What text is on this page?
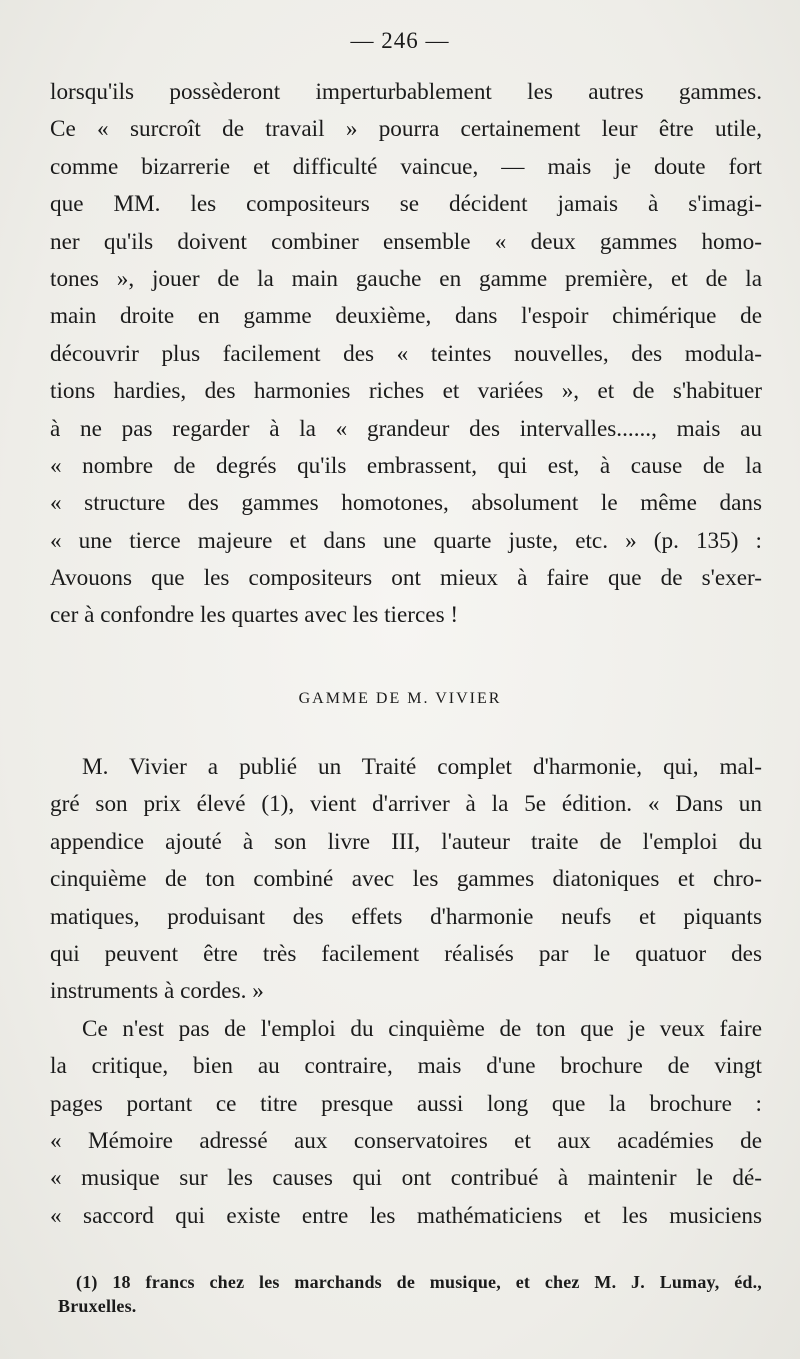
— 246 —
lorsqu'ils possèderont imperturbablement les autres gammes.
Ce « surcroît de travail » pourra certainement leur être utile,
comme bizarrerie et difficulté vaincue, — mais je doute fort
que MM. les compositeurs se décident jamais à s'imagi-
ner qu'ils doivent combiner ensemble « deux gammes homo-
tones », jouer de la main gauche en gamme première, et de la
main droite en gamme deuxième, dans l'espoir chimérique de
découvrir plus facilement des « teintes nouvelles, des modula-
tions hardies, des harmonies riches et variées », et de s'habituer
à ne pas regarder à la « grandeur des intervalles......, mais au
« nombre de degrés qu'ils embrassent, qui est, à cause de la
« structure des gammes homotones, absolument le même dans
« une tierce majeure et dans une quarte juste, etc. » (p. 135) :
Avouons que les compositeurs ont mieux à faire que de s'exer-
cer à confondre les quartes avec les tierces !
GAMME DE M. VIVIER
M. Vivier a publié un Traité complet d'harmonie, qui, mal-
gré son prix élevé (1), vient d'arriver à la 5e édition. « Dans un
appendice ajouté à son livre III, l'auteur traite de l'emploi du
cinquième de ton combiné avec les gammes diatoniques et chro-
matiques, produisant des effets d'harmonie neufs et piquants
qui peuvent être très facilement réalisés par le quatuor des
instruments à cordes. »
Ce n'est pas de l'emploi du cinquième de ton que je veux faire
la critique, bien au contraire, mais d'une brochure de vingt
pages portant ce titre presque aussi long que la brochure :
« Mémoire adressé aux conservatoires et aux académies de
« musique sur les causes qui ont contribué à maintenir le dé-
« saccord qui existe entre les mathématiciens et les musiciens
(1) 18 francs chez les marchands de musique, et chez M. J. Lumay, éd.,
Bruxelles.
